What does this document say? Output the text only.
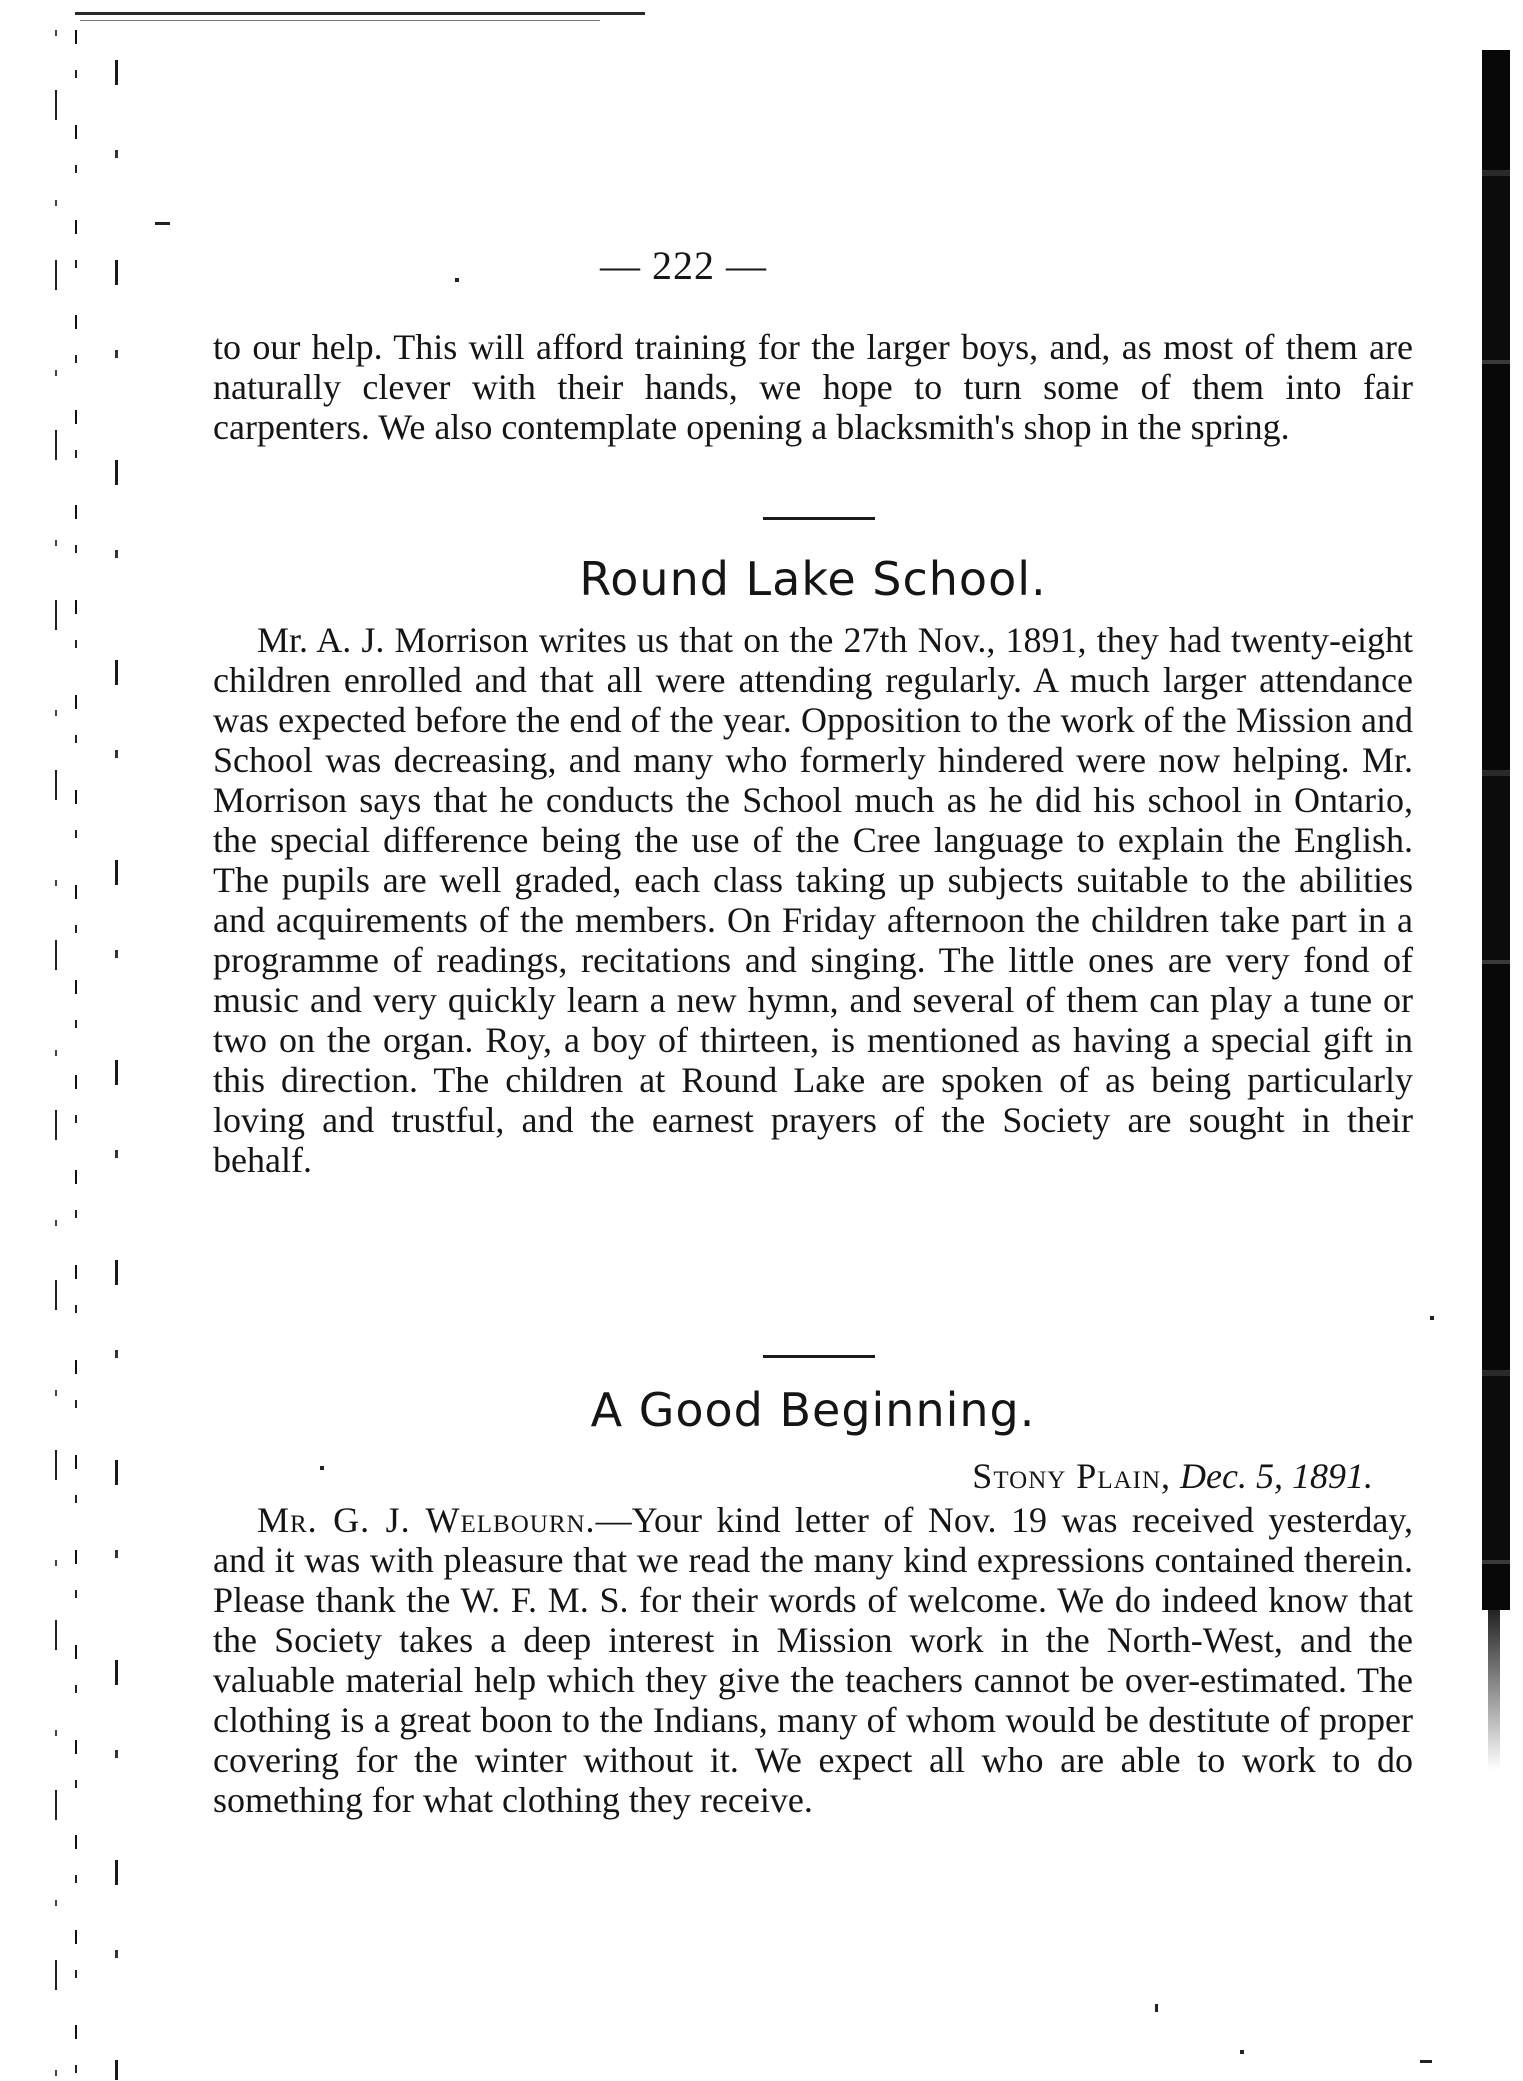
— 222 —
to our help. This will afford training for the larger boys, and, as most of them are naturally clever with their hands, we hope to turn some of them into fair carpenters. We also contemplate opening a blacksmith's shop in the spring.
Round Lake School.
Mr. A. J. Morrison writes us that on the 27th Nov., 1891, they had twenty-eight children enrolled and that all were attending regularly. A much larger attendance was expected before the end of the year. Opposition to the work of the Mission and School was decreasing, and many who formerly hindered were now helping. Mr. Morrison says that he conducts the School much as he did his school in Ontario, the special difference being the use of the Cree language to explain the English. The pupils are well graded, each class taking up subjects suitable to the abilities and acquirements of the members. On Friday afternoon the children take part in a programme of readings, recitations and singing. The little ones are very fond of music and very quickly learn a new hymn, and several of them can play a tune or two on the organ. Roy, a boy of thirteen, is mentioned as having a special gift in this direction. The children at Round Lake are spoken of as being particularly loving and trustful, and the earnest prayers of the Society are sought in their behalf.
A Good Beginning.
Stony Plain, Dec. 5, 1891.
Mr. G. J. Welbourn.—Your kind letter of Nov. 19 was received yesterday, and it was with pleasure that we read the many kind expressions contained therein. Please thank the W. F. M. S. for their words of welcome. We do indeed know that the Society takes a deep interest in Mission work in the North-West, and the valuable material help which they give the teachers cannot be over-estimated. The clothing is a great boon to the Indians, many of whom would be destitute of proper covering for the winter without it. We expect all who are able to work to do something for what clothing they receive.
